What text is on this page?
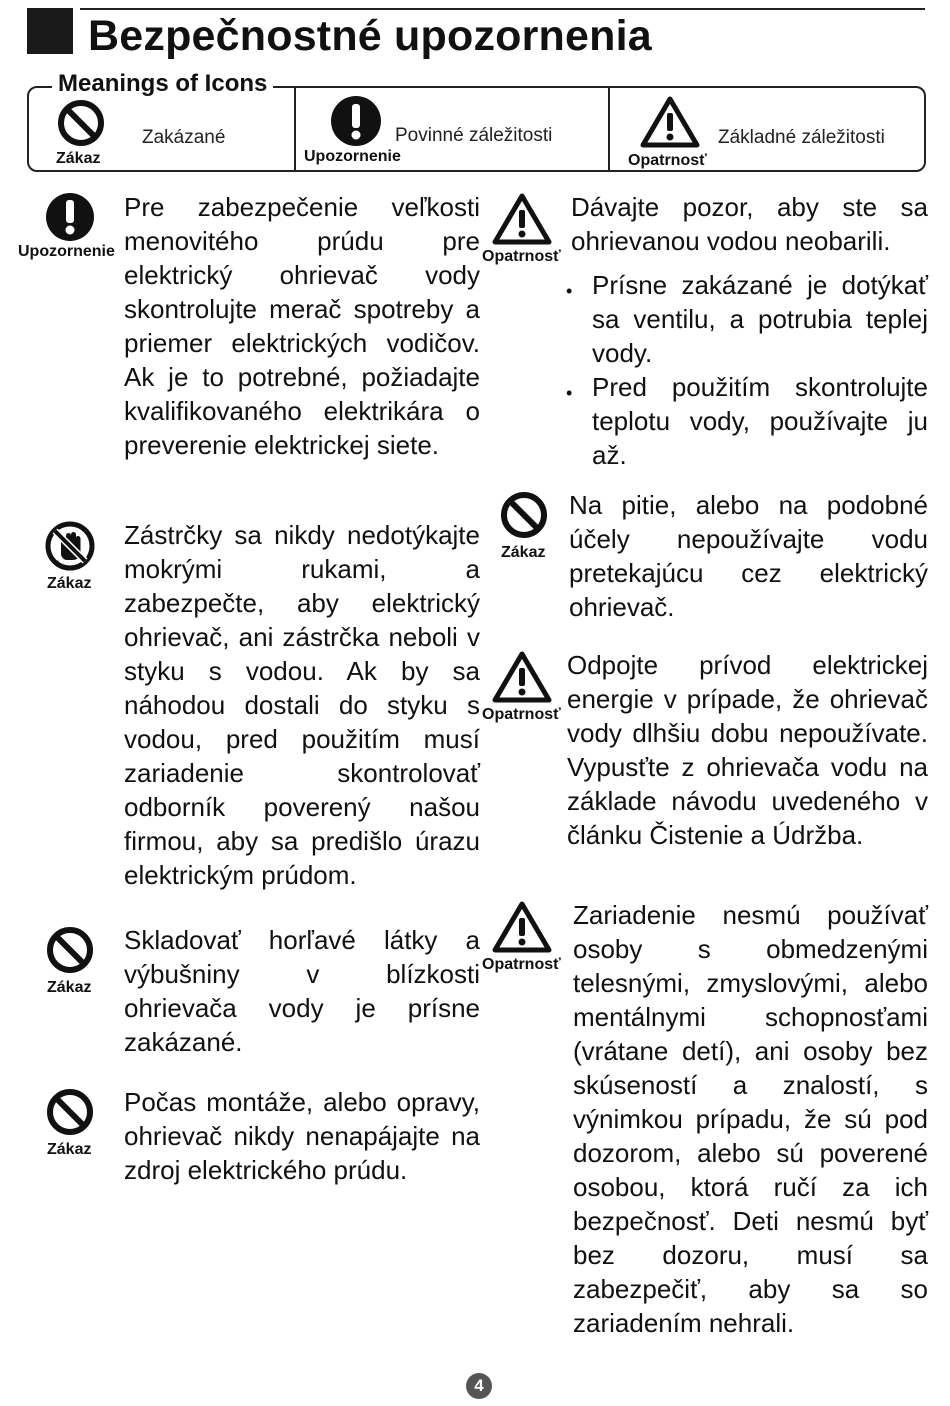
Bezpečnostné upozornenia
Meanings of Icons
Zákaz
Zakázané
Upozornenie
Povinné záležitosti
Opatrnosť
Základné záležitosti
Upozornenie
Pre zabezpečenie veľkosti menovitého prúdu pre elektrický ohrievač vody skontrolujte merač spotreby a priemer elektrických vodičov. Ak je to potrebné, požiadajte kvalifikovaného elektrikára o preverenie elektrickej siete.
Zákaz
Zástrčky sa nikdy nedotýkajte mokrými rukami, a zabezpečte, aby elektrický ohrievač, ani zástrčka neboli v styku s vodou. Ak by sa náhodou dostali do styku s vodou, pred použitím musí zariadenie skontrolovať odborník poverený našou firmou, aby sa predišlo úrazu elektrickým prúdom.
Zákaz
Skladovať horľavé látky a výbušniny v blízkosti ohrievača vody je prísne zakázané.
Zákaz
Počas montáže, alebo opravy, ohrievač nikdy nenapájajte na zdroj elektrického prúdu.
Opatrnosť
Dávajte pozor, aby ste sa ohrievanou vodou neobarili.
• Prísne zakázané je dotýkať sa ventilu, a potrubia teplej vody.
• Pred použitím skontrolujte teplotu vody, používajte ju až.
Zákaz
Na pitie, alebo na podobné účely nepoužívajte vodu pretekajúcu cez elektrický ohrievač.
Opatrnosť
Odpojte prívod elektrickej energie v prípade, že ohrievač vody dlhšiu dobu nepoužívate. Vypusťte z ohrievača vodu na základe návodu uvedeného v článku Čistenie a Údržba.
Opatrnosť
Zariadenie nesmú používať osoby s obmedzenými telesnými, zmyslovými, alebo mentálnymi schopnosťami (vrátane detí), ani osoby bez skúseností a znalostí, s výnimkou prípadu, že sú pod dozorom, alebo sú poverené osobou, ktorá ručí za ich bezpečnosť. Deti nesmú byť bez dozoru, musí sa zabezpečiť, aby sa so zariadením nehrali.
4
